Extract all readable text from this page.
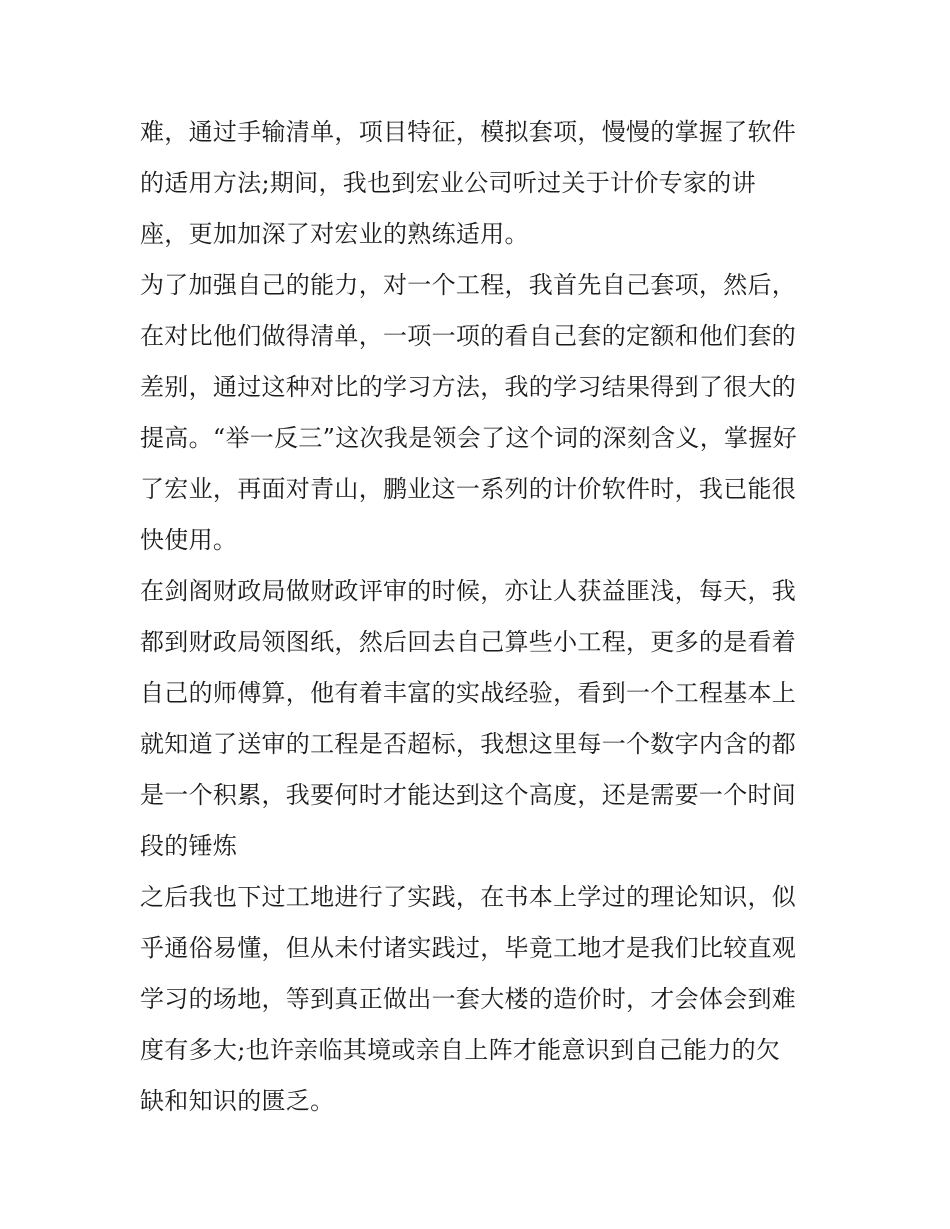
难，通过手输清单，项目特征，模拟套项，慢慢的掌握了软件
的适用方法;期间，我也到宏业公司听过关于计价专家的讲
座，更加加深了对宏业的熟练适用。
为了加强自己的能力，对一个工程，我首先自己套项，然后，
在对比他们做得清单，一项一项的看自己套的定额和他们套的
差别，通过这种对比的学习方法，我的学习结果得到了很大的
提高。“举一反三”这次我是领会了这个词的深刻含义，掌握好
了宏业，再面对青山，鹏业这一系列的计价软件时，我已能很
快使用。
在剑阁财政局做财政评审的时候，亦让人获益匪浅，每天，我
都到财政局领图纸，然后回去自己算些小工程，更多的是看着
自己的师傅算，他有着丰富的实战经验，看到一个工程基本上
就知道了送审的工程是否超标，我想这里每一个数字内含的都
是一个积累，我要何时才能达到这个高度，还是需要一个时间
段的锤炼
之后我也下过工地进行了实践，在书本上学过的理论知识，似
乎通俗易懂，但从未付诸实践过，毕竟工地才是我们比较直观
学习的场地，等到真正做出一套大楼的造价时，才会体会到难
度有多大;也许亲临其境或亲自上阵才能意识到自己能力的欠
缺和知识的匮乏。
